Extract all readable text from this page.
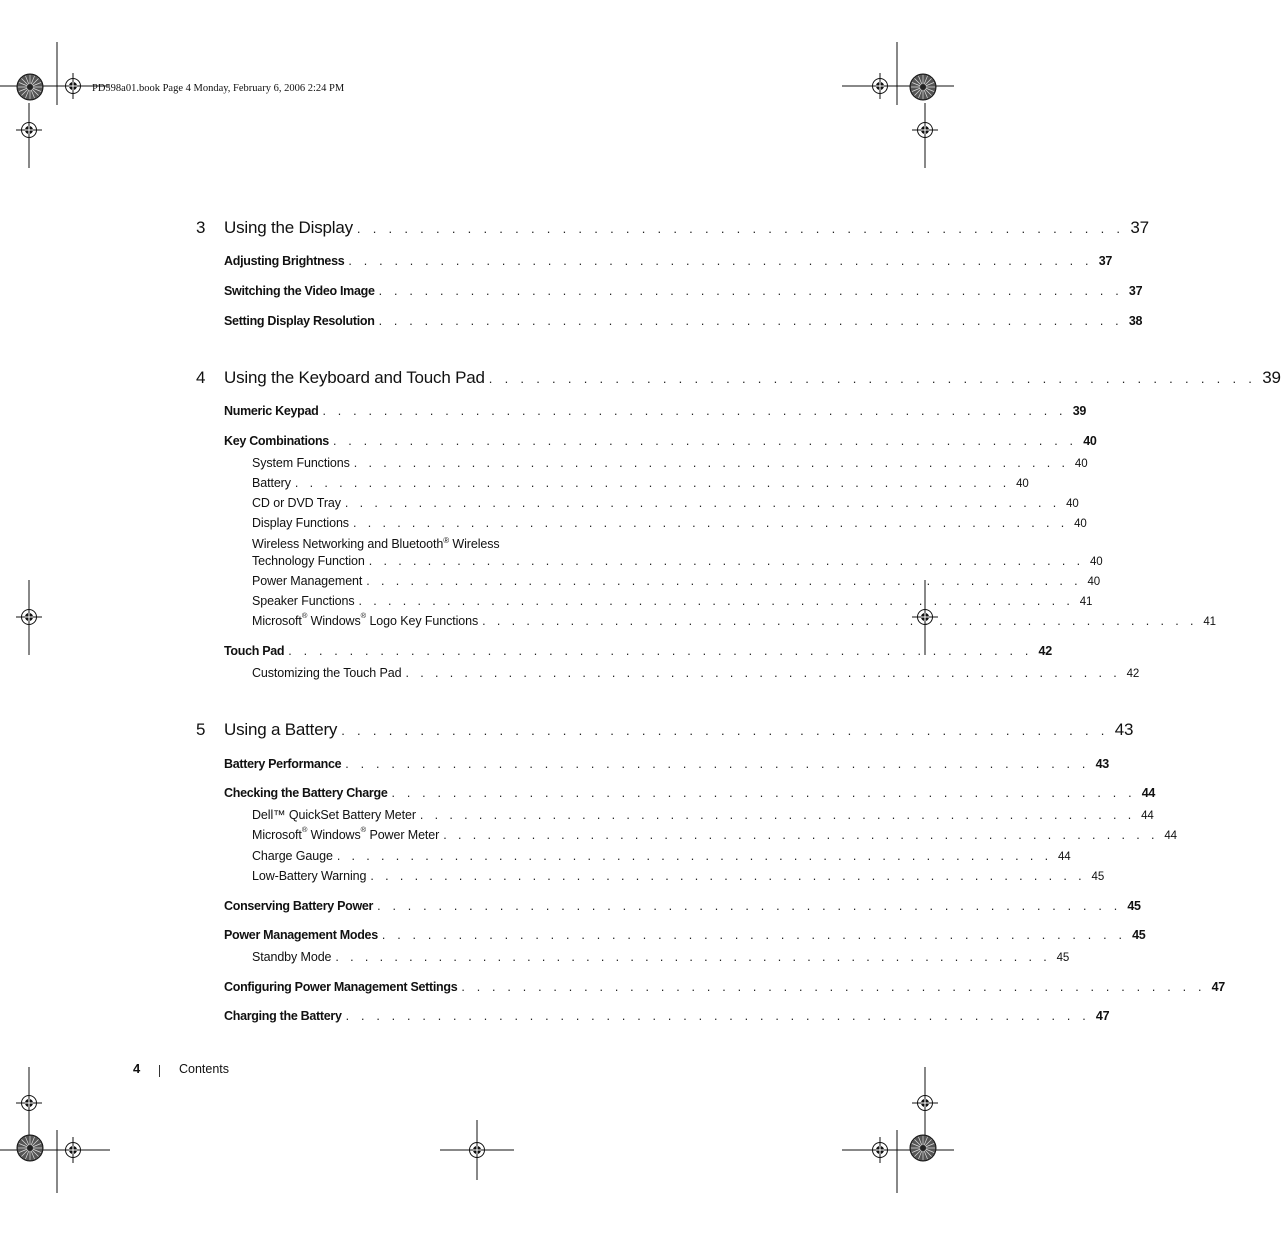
PD598a01.book Page 4 Monday, February 6, 2006 2:24 PM
3 Using the Display . . . . . . . . . . . . . . . . . . . . . . . . . . . . . . . . . . . . . . . . . . . . . . . . . 37
Adjusting Brightness . . . . . . . . . . . . . . . . . . . . . . . . . . . . . . . . . . . . . . . . . . . . . . . . . 37
Switching the Video Image . . . . . . . . . . . . . . . . . . . . . . . . . . . . . . . . . . . . . . . . . . . . . . . . . 37
Setting Display Resolution . . . . . . . . . . . . . . . . . . . . . . . . . . . . . . . . . . . . . . . . . . . . . . . . . 38
4 Using the Keyboard and Touch Pad . . . . . . . . . . . . . . . . . . . . . . . . . . . . . . . . . . . . . . . . . . . . . . . . . 39
Numeric Keypad . . . . . . . . . . . . . . . . . . . . . . . . . . . . . . . . . . . . . . . . . . . . . . . . . 39
Key Combinations . . . . . . . . . . . . . . . . . . . . . . . . . . . . . . . . . . . . . . . . . . . . . . . . . 40
System Functions . . . . . . . . . . . . . . . . . . . . . . . . . . . . . . . . . . . . . . . . . . . . . . . . . 40
Battery . . . . . . . . . . . . . . . . . . . . . . . . . . . . . . . . . . . . . . . . . . . . . . . . . 40
CD or DVD Tray . . . . . . . . . . . . . . . . . . . . . . . . . . . . . . . . . . . . . . . . . . . . . . . . . 40
Display Functions . . . . . . . . . . . . . . . . . . . . . . . . . . . . . . . . . . . . . . . . . . . . . . . . . 40
Wireless Networking and Bluetooth® Wireless
Technology Function . . . . . . . . . . . . . . . . . . . . . . . . . . . . . . . . . . . . . . . . . . . . . . . . . 40
Power Management . . . . . . . . . . . . . . . . . . . . . . . . . . . . . . . . . . . . . . . . . . . . . . . . . 40
Speaker Functions . . . . . . . . . . . . . . . . . . . . . . . . . . . . . . . . . . . . . . . . . . . . . . . . . 41
Microsoft® Windows® Logo Key Functions . . . . . . . . . . . . . . . . . . . . . . . . . . . . . . . . . . . . . . . . . . . . . . . . . 41
Touch Pad . . . . . . . . . . . . . . . . . . . . . . . . . . . . . . . . . . . . . . . . . . . . . . . . . 42
Customizing the Touch Pad . . . . . . . . . . . . . . . . . . . . . . . . . . . . . . . . . . . . . . . . . . . . . . . . . 42
5 Using a Battery . . . . . . . . . . . . . . . . . . . . . . . . . . . . . . . . . . . . . . . . . . . . . . . . . 43
Battery Performance . . . . . . . . . . . . . . . . . . . . . . . . . . . . . . . . . . . . . . . . . . . . . . . . . 43
Checking the Battery Charge . . . . . . . . . . . . . . . . . . . . . . . . . . . . . . . . . . . . . . . . . . . . . . . . . 44
Dell™ QuickSet Battery Meter . . . . . . . . . . . . . . . . . . . . . . . . . . . . . . . . . . . . . . . . . . . . . . . . . 44
Microsoft® Windows® Power Meter . . . . . . . . . . . . . . . . . . . . . . . . . . . . . . . . . . . . . . . . . . . . . . . . . 44
Charge Gauge . . . . . . . . . . . . . . . . . . . . . . . . . . . . . . . . . . . . . . . . . . . . . . . . . 44
Low-Battery Warning . . . . . . . . . . . . . . . . . . . . . . . . . . . . . . . . . . . . . . . . . . . . . . . . . 45
Conserving Battery Power . . . . . . . . . . . . . . . . . . . . . . . . . . . . . . . . . . . . . . . . . . . . . . . . . 45
Power Management Modes . . . . . . . . . . . . . . . . . . . . . . . . . . . . . . . . . . . . . . . . . . . . . . . . . 45
Standby Mode . . . . . . . . . . . . . . . . . . . . . . . . . . . . . . . . . . . . . . . . . . . . . . . . . 45
Configuring Power Management Settings . . . . . . . . . . . . . . . . . . . . . . . . . . . . . . . . . . . . . . . . . . . . . . . . . 47
Charging the Battery . . . . . . . . . . . . . . . . . . . . . . . . . . . . . . . . . . . . . . . . . . . . . . . . . 47
4	Contents
